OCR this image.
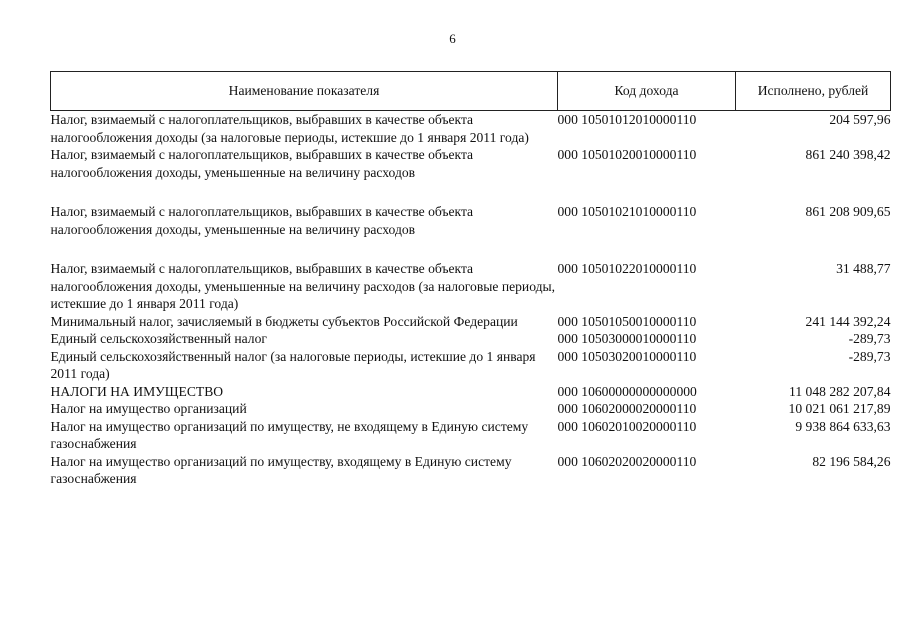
6
Наименование показателя	Код дохода	Исполнено, рублей
Налог, взимаемый с налогоплательщиков, выбравших в качестве объекта налогообложения доходы (за налоговые периоды, истекшие до 1 января 2011 года)	000 10501012010000110	204 597,96
Налог, взимаемый с налогоплательщиков, выбравших в качестве объекта налогообложения доходы, уменьшенные на величину расходов	000 10501020010000110	861 240 398,42
Налог, взимаемый с налогоплательщиков, выбравших в качестве объекта налогообложения доходы, уменьшенные на величину расходов	000 10501021010000110	861 208 909,65
Налог, взимаемый с налогоплательщиков, выбравших в качестве объекта налогообложения доходы, уменьшенные на величину расходов (за налоговые периоды, истекшие до 1 января 2011 года)	000 10501022010000110	31 488,77
Минимальный налог, зачисляемый в бюджеты субъектов Российской Федерации	000 10501050010000110	241 144 392,24
Единый сельскохозяйственный налог	000 10503000010000110	-289,73
Единый сельскохозяйственный налог (за налоговые периоды, истекшие до 1 января 2011 года)	000 10503020010000110	-289,73
НАЛОГИ НА ИМУЩЕСТВО	000 10600000000000000	11 048 282 207,84
Налог на имущество организаций	000 10602000020000110	10 021 061 217,89
Налог на имущество организаций по имуществу, не входящему в Единую систему газоснабжения	000 10602010020000110	9 938 864 633,63
Налог на имущество организаций по имуществу, входящему в Единую систему газоснабжения	000 10602020020000110	82 196 584,26
